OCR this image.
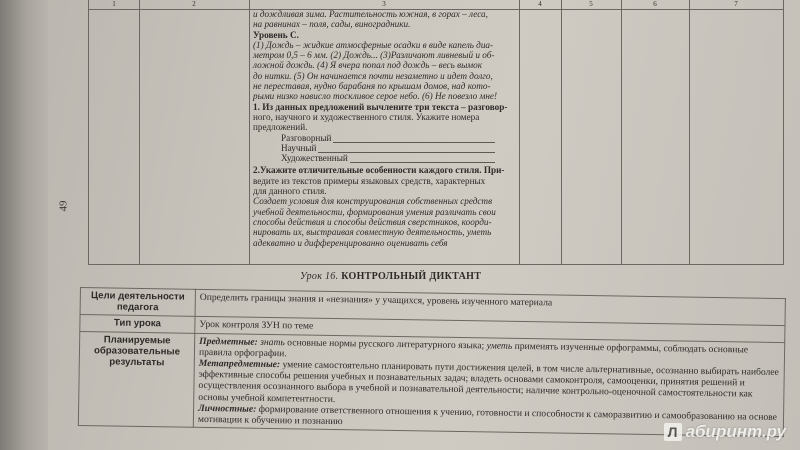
49
1	2	3	4	5	6	7

и дождливая зима. Растительность южная, в горах – леса,

на равнинах – поля, сады, виноградники.

Уровень С.

(1) Дождь – жидкие атмосферные осадки в виде капель диа-

метром 0,5 – 6 мм. (2) Дождь... (3)Различают ливневый и об-

ложной дождь. (4) Я вчера попал под дождь – весь вымок

до нитки. (5) Он начинается почти незаметно и идет долго,

не переставая, нудно барабаня по крышам домов, над кото-

рыми низко нависло тоскливое серое небо. (6) Не повезло мне!

1. Из данных предложений вычлените три текста – разговор-

ного, научного и художественного стиля. Укажите номера

предложений.

Разговорный
Научный
Художественный

2.Укажите отличительные особенности каждого стиля. При-

ведите из текстов примеры языковых средств, характерных

для данного стиля.

Создает условия для конструирования собственных средств

учебной деятельности, формирования умения различать свои

способы действия и способы действия сверстников, коорди-

нировать их, выстраивая совместную деятельность, уметь

адекватно и дифференцированно оценивать себя

Урок 16. КОНТРОЛЬНЫЙ ДИКТАНТ
Цели деятельности педагога	Определить границы знания и «незнания» у учащихся, уровень изученного материала
Тип урока	Урок контроля ЗУН по теме
Планируемые образовательные результаты	Предметные: знать основные нормы русского литературного языка; уметь применять изученные орфограммы, соблюдать основные правила орфографии.
Метапредметные: умение самостоятельно планировать пути достижения целей, в том числе альтернативные, осознанно выбирать наиболее эффективные способы решения учебных и познавательных задач; владеть основами самоконтроля, самооценки, принятия решений и осуществления осознанного выбора в учебной и познавательной деятельности; наличие контрольно-оценочной самостоятельности как основы учебной компетентности.
Личностные: формирование ответственного отношения к учению, готовности и способности к саморазвитию и самообразованию на основе мотивации к обучению и познанию
Л абиринт.ру
